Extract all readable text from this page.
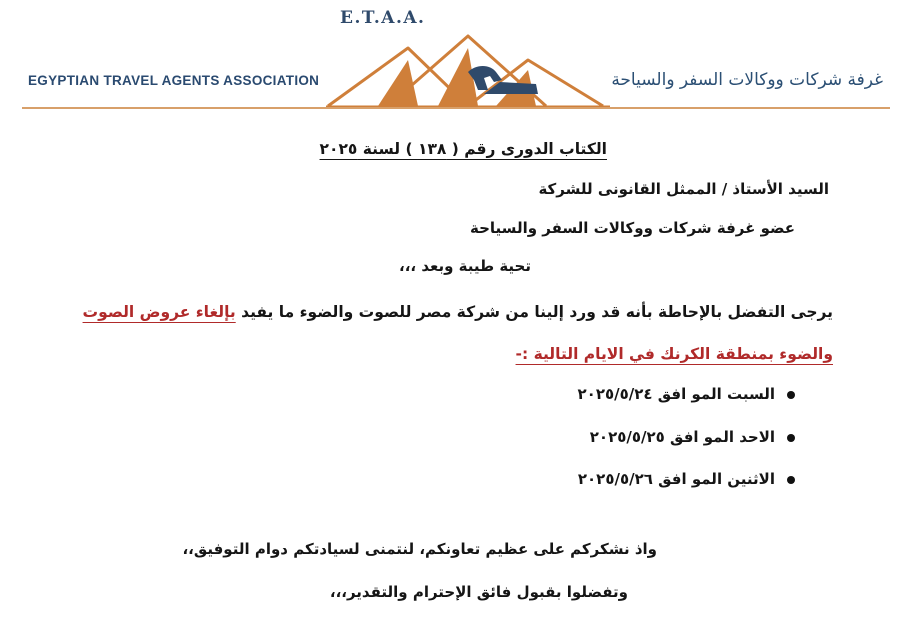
E.T.A.A.
EGYPTIAN TRAVEL AGENTS ASSOCIATION	غرفة شركات ووكالات السفر والسياحة
الكتاب الدورى رقم ( ١٣٨ ) لسنة ٢٠٢٥
السيد الأستاذ / الممثل القانونى للشركة
عضو غرفة شركات ووكالات السفر والسياحة
تحية طيبة وبعد ،،،
يرجى التفضل بالإحاطة بأنه قد ورد إلينا من شركة مصر للصوت والضوء ما يفيد بإلغاء عروض الصوت
والضوء بمنطقة الكرنك في الايام التالية :-
السبت المو افق ٢٠٢٥/٥/٢٤
الاحد المو افق ٢٠٢٥/٥/٢٥
الاثنين المو افق ٢٠٢٥/٥/٢٦
واذ نشكركم على عظيم تعاونكم، لنتمنى لسيادتكم دوام التوفيق،،
وتفضلوا بقبول فائق الإحترام والتقدير،،،
